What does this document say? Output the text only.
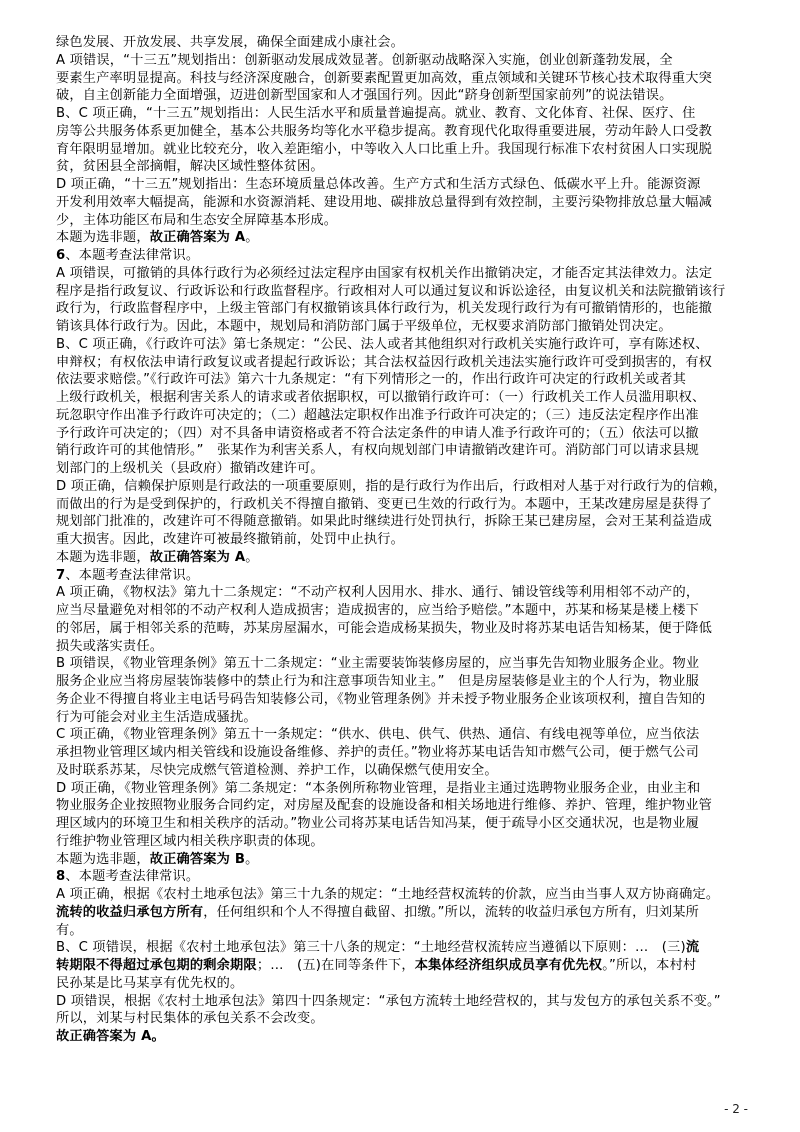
绿色发展、开放发展、共享发展，确保全面建成小康社会。
A 项错误，“十三五”规划指出：创新驱动发展成效显著。创新驱动战略深入实施，创业创新蓬勃发展，全
要素生产率明显提高。科技与经济深度融合，创新要素配置更加高效，重点领域和关键环节核心技术取得重大突
破，自主创新能力全面增强，迈进创新型国家和人才强国行列。因此“跻身创新型国家前列”的说法错误。
B、C 项正确，“十三五”规划指出：人民生活水平和质量普遍提高。就业、教育、文化体育、社保、医疗、住
房等公共服务体系更加健全，基本公共服务均等化水平稳步提高。教育现代化取得重要进展，劳动年龄人口受教
育年限明显增加。就业比较充分，收入差距缩小，中等收入人口比重上升。我国现行标准下农村贫困人口实现脱
贫，贫困县全部摘帽，解决区域性整体贫困。
D 项正确，“十三五”规划指出：生态环境质量总体改善。生产方式和生活方式绿色、低碳水平上升。能源资源
开发利用效率大幅提高，能源和水资源消耗、建设用地、碳排放总量得到有效控制，主要污染物排放总量大幅减
少，主体功能区布局和生态安全屏障基本形成。
本题为选非题，故正确答案为 A。
6、本题考查法律常识。
A 项错误，可撤销的具体行政行为必须经过法定程序由国家有权机关作出撤销决定，才能否定其法律效力。法定
程序是指行政复议、行政诉讼和行政监督程序。行政相对人可以通过复议和诉讼途径，由复议机关和法院撤销该行
政行为，行政监督程序中，上级主管部门有权撤销该具体行政行为，机关发现行政行为有可撤销情形的，也能撤
销该具体行政行为。因此，本题中，规划局和消防部门属于平级单位，无权要求消防部门撤销处罚决定。
B、C 项正确，《行政许可法》第七条规定：“公民、法人或者其他组织对行政机关实施行政许可，享有陈述权、
申辩权；有权依法申请行政复议或者提起行政诉讼；其合法权益因行政机关违法实施行政许可受到损害的，有权
依法要求赔偿。”《行政许可法》第六十九条规定：“有下列情形之一的，作出行政许可决定的行政机关或者其
上级行政机关，根据利害关系人的请求或者依据职权，可以撤销行政许可：（一）行政机关工作人员滥用职权、
玩忽职守作出准予行政许可决定的；（二）超越法定职权作出准予行政许可决定的；（三）违反法定程序作出准
予行政许可决定的；（四）对不具备申请资格或者不符合法定条件的申请人准予行政许可的；（五）依法可以撤
销行政许可的其他情形。”　张某作为利害关系人，有权向规划部门申请撤销改建许可。消防部门可以请求县规
划部门的上级机关（县政府）撤销改建许可。
D 项正确，信赖保护原则是行政法的一项重要原则，指的是行政行为作出后，行政相对人基于对行政行为的信赖，
而做出的行为是受到保护的，行政机关不得擅自撤销、变更已生效的行政行为。本题中，王某改建房屋是获得了
规划部门批准的，改建许可不得随意撤销。如果此时继续进行处罚执行，拆除王某已建房屋，会对王某利益造成
重大损害。因此，改建许可被最终撤销前，处罚中止执行。
本题为选非题，故正确答案为 A。
7、本题考查法律常识。
A 项正确，《物权法》第九十二条规定：“不动产权利人因用水、排水、通行、铺设管线等利用相邻不动产的，
应当尽量避免对相邻的不动产权利人造成损害；造成损害的，应当给予赔偿。”本题中，苏某和杨某是楼上楼下
的邻居，属于相邻关系的范畴，苏某房屋漏水，可能会造成杨某损失，物业及时将苏某电话告知杨某，便于降低
损失或落实责任。
B 项错误，《物业管理条例》第五十二条规定：“业主需要装饰装修房屋的，应当事先告知物业服务企业。物业
服务企业应当将房屋装饰装修中的禁止行为和注意事项告知业主。”　但是房屋装修是业主的个人行为，物业服
务企业不得擅自将业主电话号码告知装修公司，《物业管理条例》并未授予物业服务企业该项权利，擅自告知的
行为可能会对业主生活造成骚扰。
C 项正确，《物业管理条例》第五十一条规定：“供水、供电、供气、供热、通信、有线电视等单位，应当依法
承担物业管理区域内相关管线和设施设备维修、养护的责任。”物业将苏某电话告知市燃气公司，便于燃气公司
及时联系苏某，尽快完成燃气管道检测、养护工作，以确保燃气使用安全。
D 项正确，《物业管理条例》第二条规定：“本条例所称物业管理，是指业主通过选聘物业服务企业，由业主和
物业服务企业按照物业服务合同约定，对房屋及配套的设施设备和相关场地进行维修、养护、管理，维护物业管
理区域内的环境卫生和相关秩序的活动。”物业公司将苏某电话告知冯某，便于疏导小区交通状况，也是物业履
行维护物业管理区域内相关秩序职责的体现。
本题为选非题，故正确答案为 B。
8、本题考查法律常识。
A 项正确，根据《农村土地承包法》第三十九条的规定：“土地经营权流转的价款，应当由当事人双方协商确定。
流转的收益归承包方所有，任何组织和个人不得擅自截留、扣缴。”所以，流转的收益归承包方所有，归刘某所
有。
B、C 项错误，根据《农村土地承包法》第三十八条的规定：“土地经营权流转应当遵循以下原则：…　(三)流
转期限不得超过承包期的剩余期限；…　(五)在同等条件下，本集体经济组织成员享有优先权。”所以，本村村
民孙某是比马某享有优先权的。
D 项错误，根据《农村土地承包法》第四十四条规定：“承包方流转土地经营权的，其与发包方的承包关系不变。”
所以，刘某与村民集体的承包关系不会改变。
故正确答案为 A。
- 2 -
